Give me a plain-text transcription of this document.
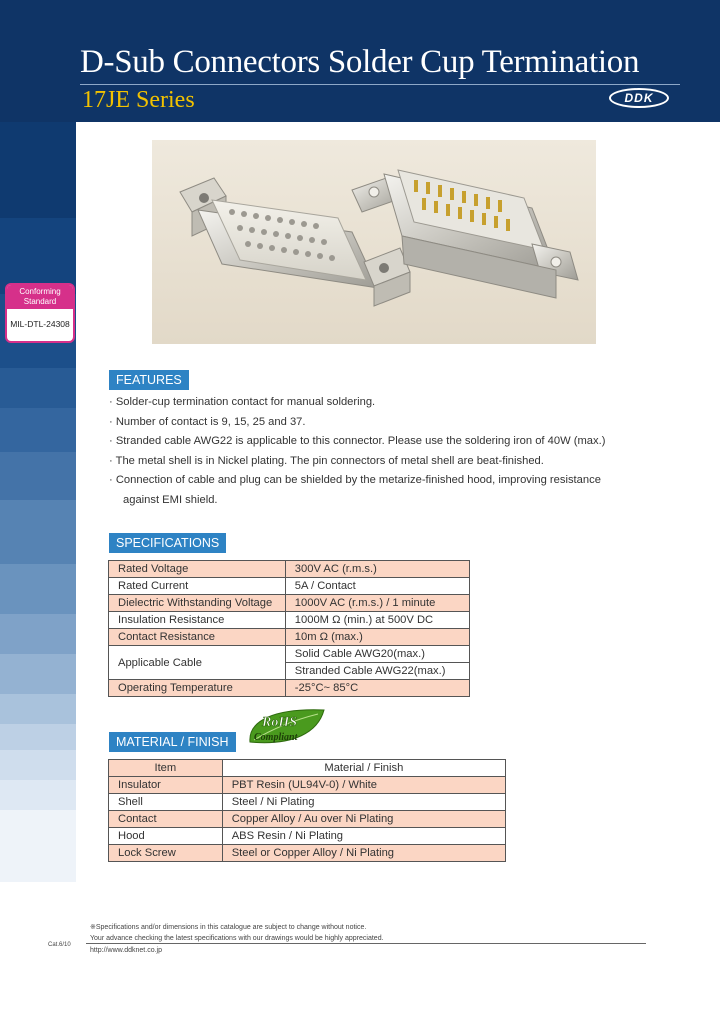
D-Sub Connectors Solder Cup Termination
17JE Series	DDK
Conforming
Standard
MIL-DTL-24308
FEATURES
· Solder-cup termination contact for manual soldering.
· Number of contact is 9, 15, 25 and 37.
· Stranded cable AWG22 is applicable to this connector. Please use the soldering iron of 40W (max.)
· The metal shell is in Nickel plating. The pin connectors of metal shell are beat-finished.
· Connection of cable and plug can be shielded by the metarize-finished hood, improving resistance
against EMI shield.
SPECIFICATIONS
Rated Voltage	300V AC (r.m.s.)
Rated Current	5A / Contact
Dielectric Withstanding Voltage	1000V AC (r.m.s.) / 1 minute
Insulation Resistance	1000M Ω (min.) at 500V DC
Contact Resistance	10m Ω (max.)
Applicable Cable	Solid Cable AWG20(max.)
	Stranded Cable AWG22(max.)
Operating Temperature	-25°C~ 85°C
MATERIAL / FINISH
RoHS
Compliant
Item	Material / Finish
Insulator	PBT Resin (UL94V-0) / White
Shell	Steel / Ni Plating
Contact	Copper Alloy / Au over Ni Plating
Hood	ABS Resin / Ni Plating
Lock Screw	Steel or Copper Alloy / Ni Plating
※Specifications and/or dimensions in this catalogue are subject to change without notice.
Your advance checking the latest specifications with our drawings would be highly appreciated.
Cat.6/10
http://www.ddknet.co.jp
